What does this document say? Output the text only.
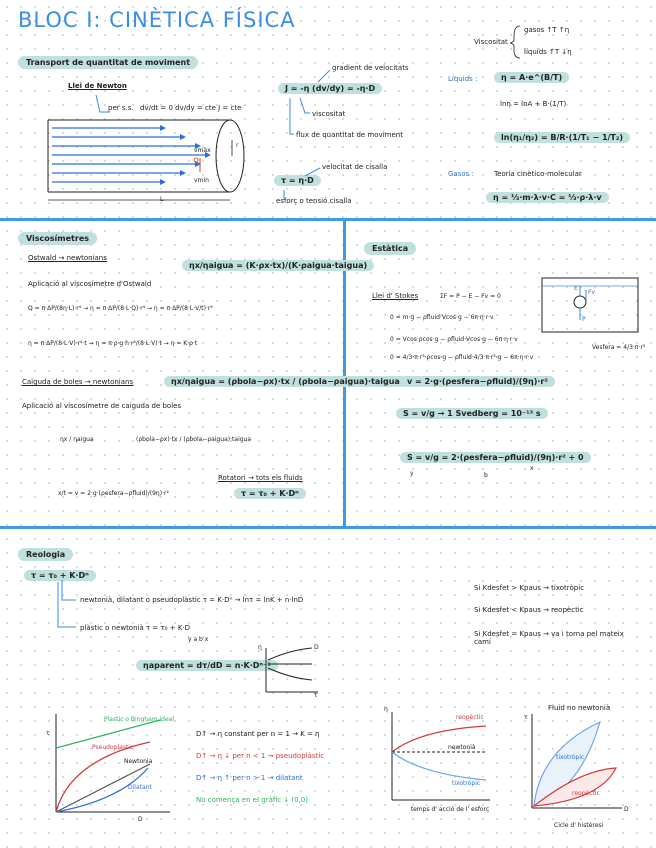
BLOC I: CINÈTICA FÍSICA
Transport de quantitat de moviment
Llei de Newton
per s.s. dv/dt = 0 dv/dy = cte J = cte
vmàx
vmín
r
L
gradient de velocitats
J = -η (dv/dy) = -η·D
viscositat
flux de quantitat de moviment
velocitat de cisalla
τ = η·D
esforç o tensió cisalla
Viscositat
gasos ↑T ↑η
líquids ↑T ↓η
Líquids :	η = A·e^(B/T)
lnη = lnA + B·(1/T)
ln(η₁/η₂) = B/R·(1/T₁ − 1/T₂)
Gasos :	Teoria cinètico-molecular
η = ⅓·m·λ·v·C = ⅓·ρ·λ·v
Viscosímetres
Ostwald → newtonians
ηx/ηaigua = (K·ρx·tx)/(K·ρaigua·taigua)
Aplicació al viscosímetre d'Ostwald
Q = π·ΔP/(8η·L)·r⁴ → η = π·ΔP/(8·L·Q)·r⁴ → η = π·ΔP/(8·L·V/t)·r⁴
η = π·ΔP/(8·L·V)·r⁴·t → η = π·ρ·g·h·r⁴/(8·L·V)·t → η = K·ρ·t
Caiguda de boles → newtonians	ηx/ηaigua = (ρbola−ρx)·tx / (ρbola−ρaigua)·taigua
Aplicació al viscosímetre de caiguda de boles
ηx / ηaigua	(ρbola−ρx)·tx / (ρbola−ρaigua)·taigua
x/t = v = 2·g·(ρesfera−ρfluid)/(9η)·r²
Rotatori → tots els fluids
τ = τ₀ + K·Dⁿ
Estàtica
E
Fv
P
Llei d' Stokes	ΣF = P − E − Fv = 0
0 = m·g − ρfluid·Vcos·g − 6π·η·r·v
0 = Vcos·ρcos·g − ρfluid·Vcos·g − 6π·η·r·v
0 = 4/3·π·r³·ρcos·g − ρfluid·4/3·π·r³·g − 6π·η·r·v
Vesfera = 4/3·π·r³
v = 2·g·(ρesfera−ρfluid)/(9η)·r²
S = v/g → 1 Svedberg = 10⁻¹³ s
S = v/g = 2·(ρesfera−ρfluid)/(9η)·r² + 0
y	b
x
Reologia
τ = τ₀ + K·Dⁿ
newtonià, dilatant o pseudoplàstic τ = K·Dⁿ → lnτ = lnK + n·lnD
plàstic o newtonià τ = τ₀ + K·D
y a b x
ηaparent = dτ/dD = n·K·Dⁿ⁻¹
η	D
τ
Si Kdesfet > Kpaus → tixotròpic
Si Kdesfet < Kpaus → reopèctic
Si Kdesfet = Kpaus → va i torna pel mateix camí
Plastic o Bingham ideal
Pseudoplastic
Newtonia
Dilatant
τ
D
D↑ → η constant per n = 1 → K = η
D↑ → η ↓ per n < 1 → pseudoplàstic
D↑ → η ↑ per n > 1 → dilatant
No comença en el gràfic ↓ (0,0)
η
reopèctic
newtonià
tixotròpic
temps d' acció de l' esforç
Fluid no newtonià
τ
D
tixotròpic
reopèctic
Cicle d' histèresi
